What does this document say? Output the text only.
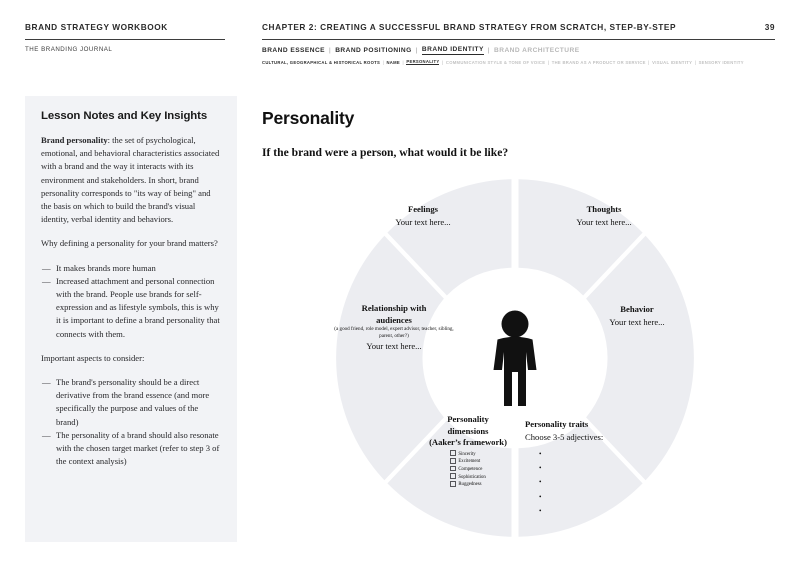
BRAND STRATEGY WORKBOOK
THE BRANDING JOURNAL
CHAPTER 2: CREATING A SUCCESSFUL BRAND STRATEGY FROM SCRATCH, STEP-BY-STEP	39
BRAND ESSENCE | BRAND POSITIONING | BRAND IDENTITY | BRAND ARCHITECTURE
CULTURAL, GEOGRAPHICAL & HISTORICAL ROOTS | NAME | PERSONALITY | COMMUNICATION STYLE & TONE OF VOICE | THE BRAND AS A PRODUCT OR SERVICE | VISUAL IDENTITY | SENSORY IDENTITY
Lesson Notes and Key Insights

Brand personality: the set of psychological, emotional, and behavioral characteristics associated with a brand and the way it interacts with its environment and stakeholders. In short, brand personality corresponds to "its way of being" and the basis on which to build the brand's visual identity, verbal identity and behaviors.

Why defining a personality for your brand matters?

— It makes brands more human
— Increased attachment and personal connection with the brand. People use brands for self-expression and as lifestyle symbols, this is why it is important to define a brand personality that connects with them.

Important aspects to consider:

— The brand's personality should be a direct derivative from the brand essence (and more specifically the purpose and values of the brand)
— The personality of a brand should also resonate with the chosen target market (refer to step 3 of the context analysis)
Personality
If the brand were a person, what would it be like?
Feelings
Your text here...
Thoughts
Your text here...
Relationship with
audiences
(a good friend, role model, expert advisor, teacher, sibling, parent, other?)
Your text here...
Behavior
Your text here...
Personality
dimensions
(Aaker’s framework)
Sincerity
Excitement
Competence
Sophistication
Ruggedness
Personality traits
Choose 3-5 adjectives:
•
•
•
•
•
